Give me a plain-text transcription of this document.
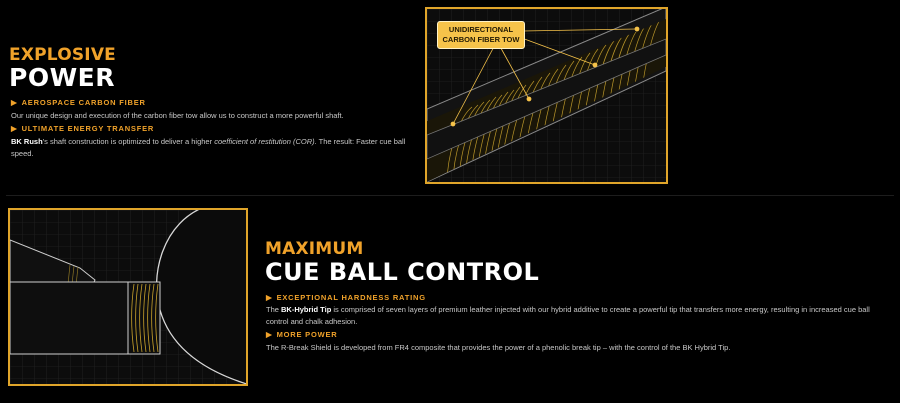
EXPLOSIVE
POWER
▶ AEROSPACE CARBON FIBER
Our unique design and execution of the carbon fiber tow allow us to construct a more powerful shaft.
▶ ULTIMATE ENERGY TRANSFER
BK Rush's shaft construction is optimized to deliver a higher coefficient of restitution (COR). The result: Faster cue ball speed.
UNIDIRECTIONAL
CARBON FIBER TOW
MAXIMUM
CUE BALL CONTROL
▶ EXCEPTIONAL HARDNESS RATING
The BK-Hybrid Tip is comprised of seven layers of premium leather injected with our hybrid additive to create a powerful tip that transfers more energy, resulting in increased cue ball control and chalk adhesion.
▶ MORE POWER
The R-Break Shield is developed from FR4 composite that provides the power of a phenolic break tip – with the control of the BK Hybrid Tip.
